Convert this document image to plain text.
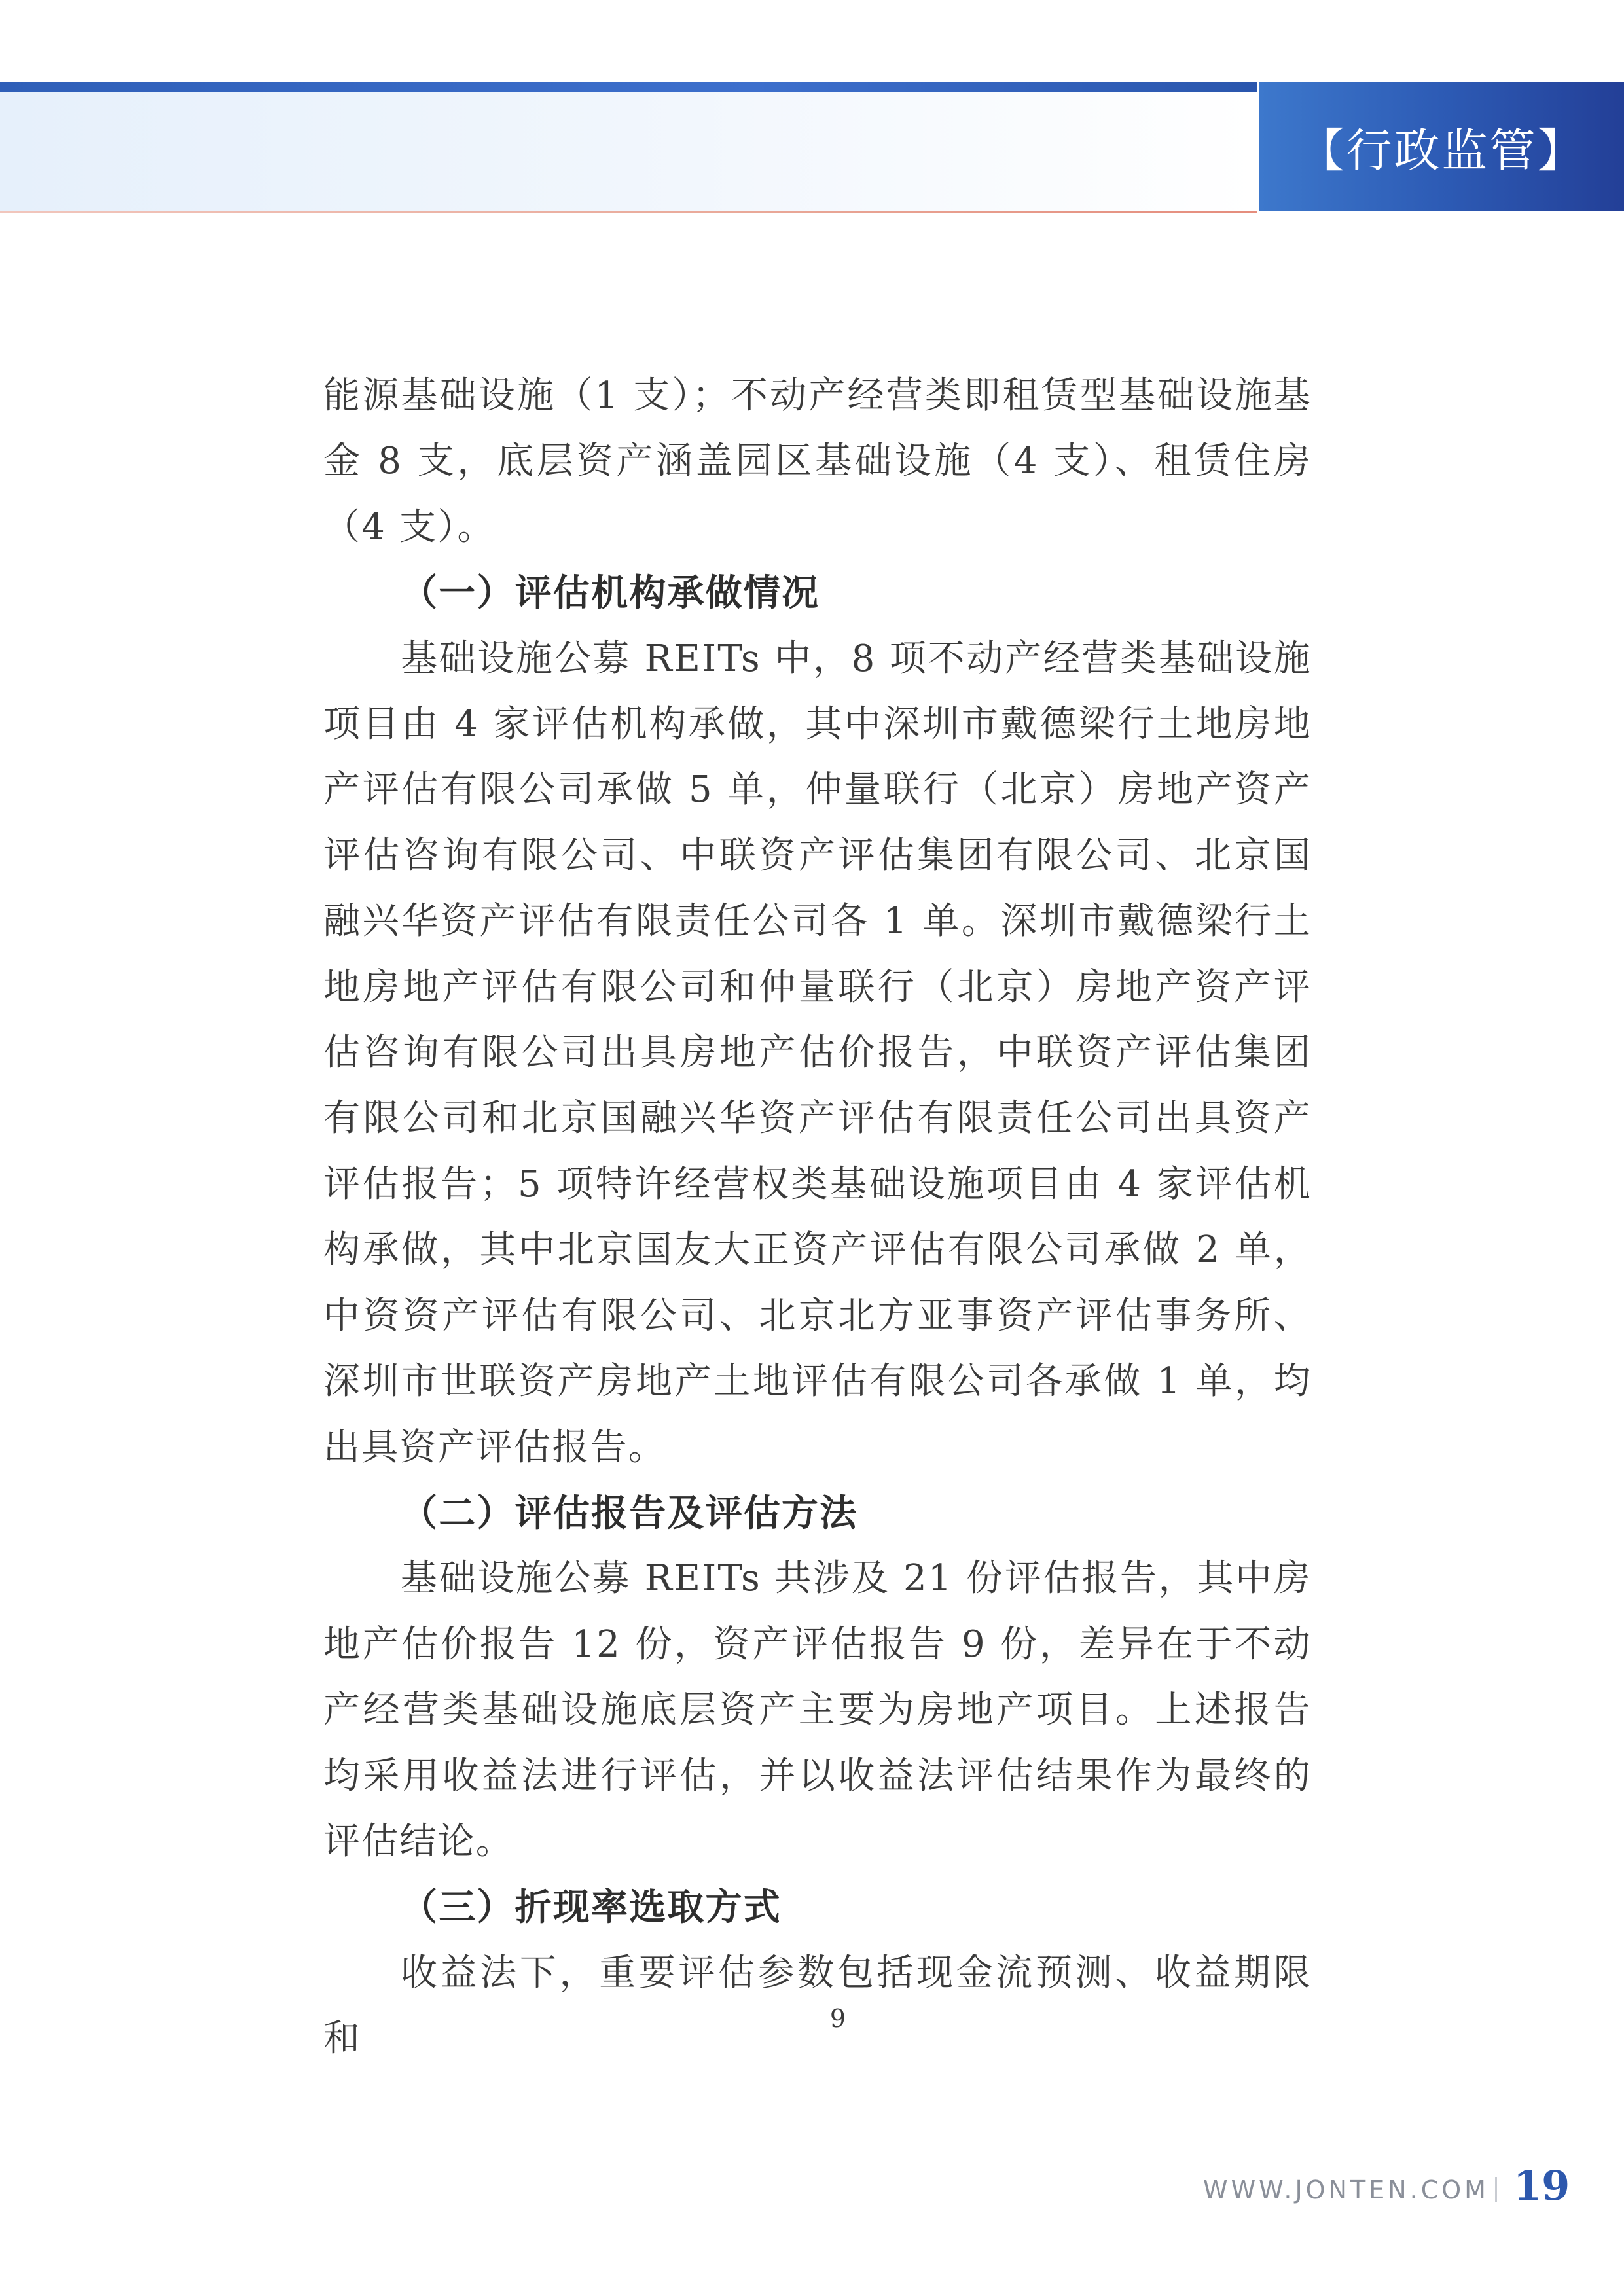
【行政监管】

能源基础设施（1 支）；不动产经营类即租赁型基础设施基金 8 支，底层资产涵盖园区基础设施（4 支）、租赁住房（4 支）。

（一）评估机构承做情况

基础设施公募 REITs 中，8 项不动产经营类基础设施项目由 4 家评估机构承做，其中深圳市戴德梁行土地房地产评估有限公司承做 5 单，仲量联行（北京）房地产资产评估咨询有限公司、中联资产评估集团有限公司、北京国融兴华资产评估有限责任公司各 1 单。深圳市戴德梁行土地房地产评估有限公司和仲量联行（北京）房地产资产评估咨询有限公司出具房地产估价报告，中联资产评估集团有限公司和北京国融兴华资产评估有限责任公司出具资产评估报告；5 项特许经营权类基础设施项目由 4 家评估机构承做，其中北京国友大正资产评估有限公司承做 2 单，中资资产评估有限公司、北京北方亚事资产评估事务所、深圳市世联资产房地产土地评估有限公司各承做 1 单，均出具资产评估报告。

（二）评估报告及评估方法

基础设施公募 REITs 共涉及 21 份评估报告，其中房地产估价报告 12 份，资产评估报告 9 份，差异在于不动产经营类基础设施底层资产主要为房地产项目。上述报告均采用收益法进行评估，并以收益法评估结果作为最终的评估结论。

（三）折现率选取方式

收益法下，重要评估参数包括现金流预测、收益期限和	9
WWW.JONTEN.COM 19
